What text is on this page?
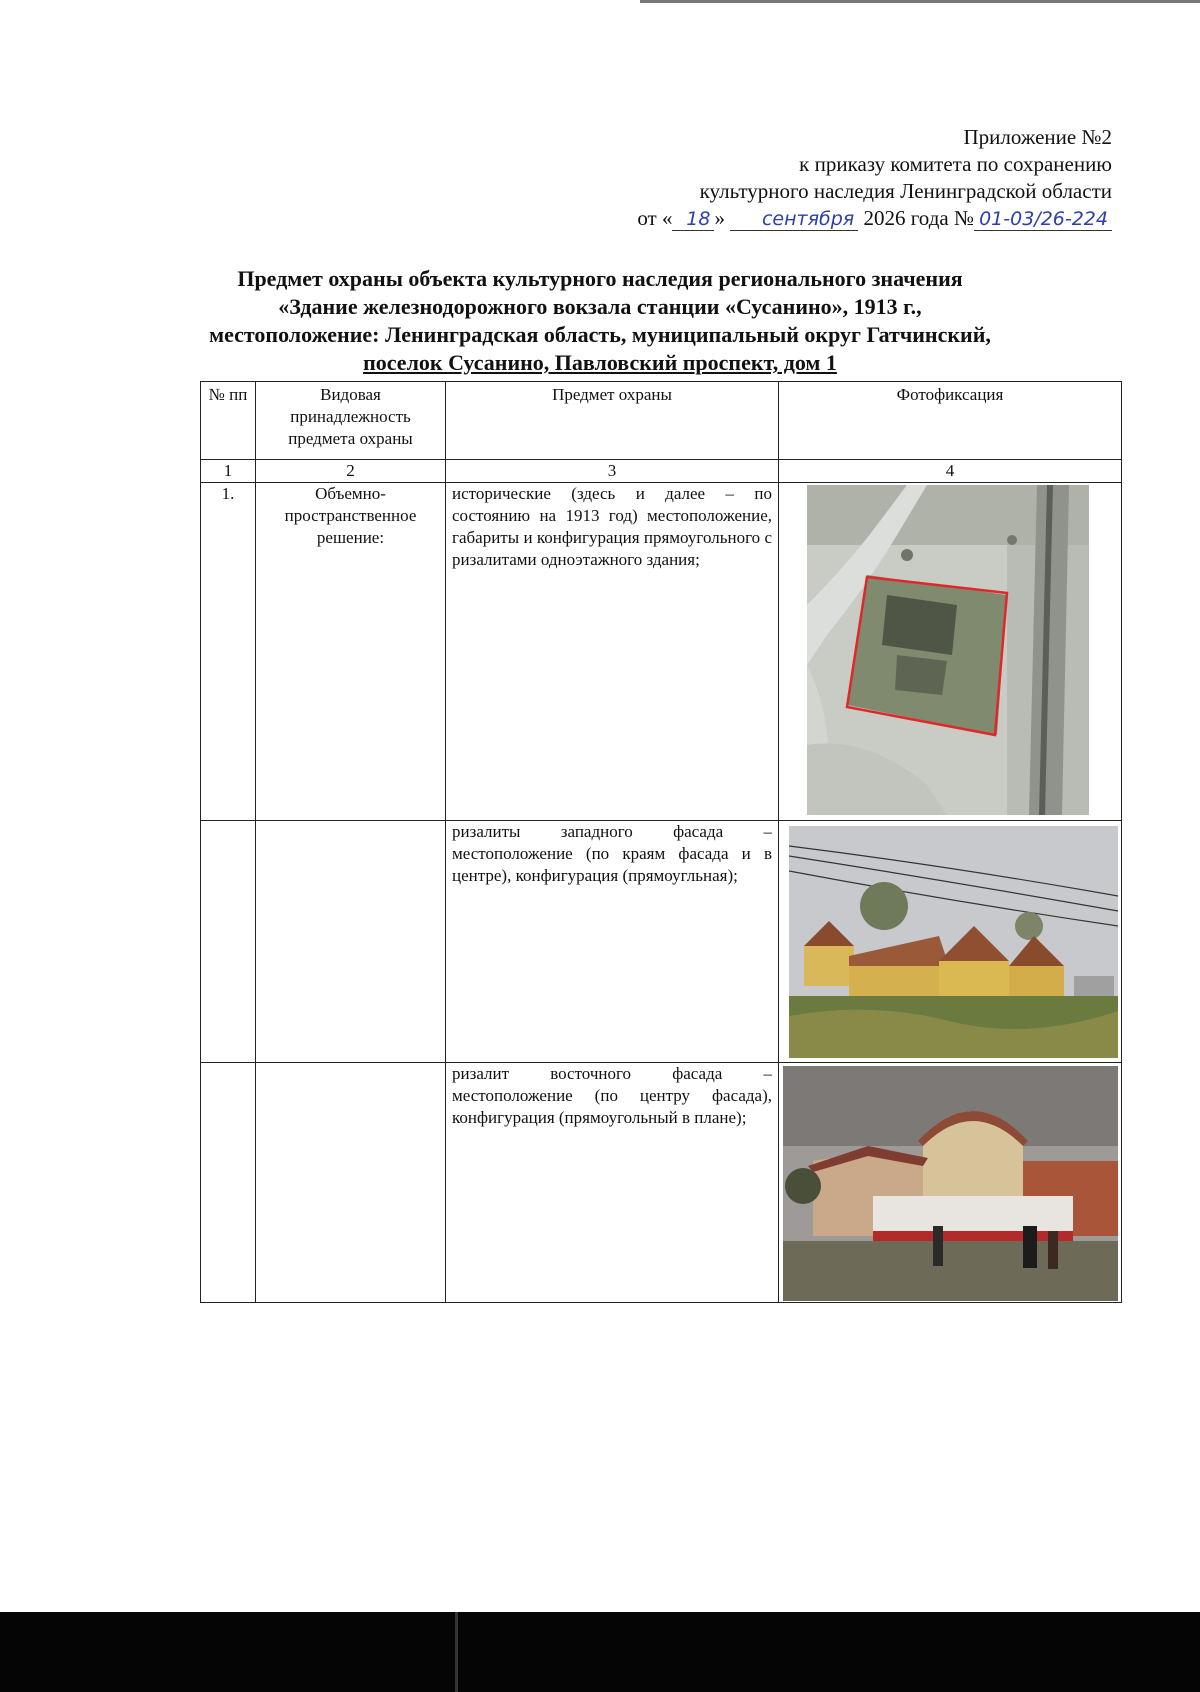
Приложение №2
к приказу комитета по сохранению
культурного наследия Ленинградской области
от « 18 » сентября 2026 года № 01-03/26-224
Предмет охраны объекта культурного наследия регионального значения
«Здание железнодорожного вокзала станции «Сусанино», 1913 г.,
местоположение: Ленинградская область, муниципальный округ Гатчинский,
поселок Сусанино, Павловский проспект, дом 1
№ пп	Видовая принадлежность предмета охраны	Предмет охраны	Фотофиксация
1	2	3	4
1.	Объемно-пространственное решение:	исторические (здесь и далее – по состоянию на 1913 год) местоположение, габариты и конфигурация прямоугольного с ризалитами одноэтажного здания;	

		ризалиты западного фасада – местоположение (по краям фасада и в центре), конфигурация (прямоугльная);	

		ризалит восточного фасада – местоположение (по центру фасада), конфигурация (прямоугольный в плане);	
